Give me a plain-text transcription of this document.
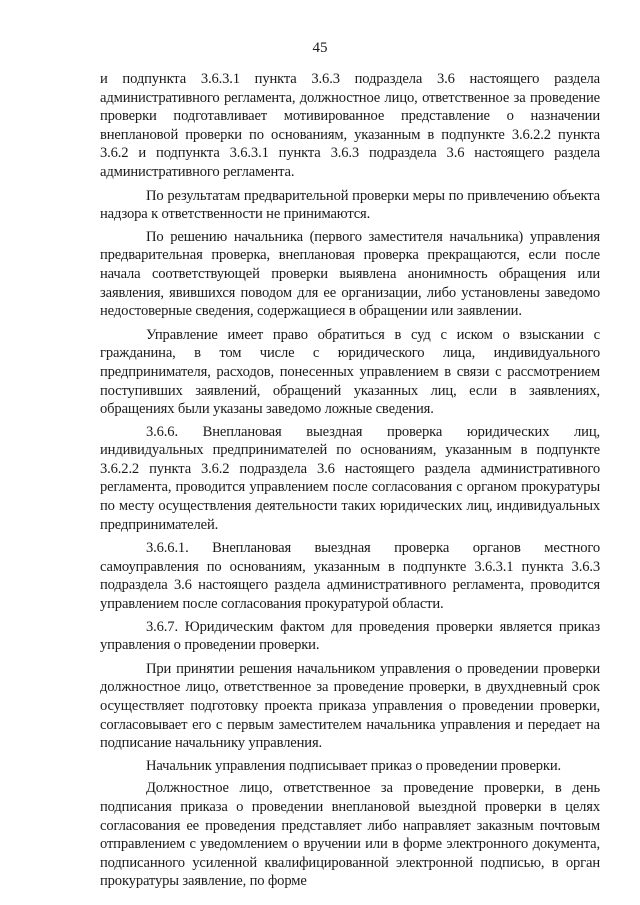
45

и подпункта 3.6.3.1 пункта 3.6.3 подраздела 3.6 настоящего раздела административного регламента, должностное лицо, ответственное за проведение проверки подготавливает мотивированное представление о назначении внеплановой проверки по основаниям, указанным в подпункте 3.6.2.2 пункта 3.6.2 и подпункта 3.6.3.1 пункта 3.6.3 подраздела 3.6 настоящего раздела административного регламента.

По результатам предварительной проверки меры по привлечению объекта надзора к ответственности не принимаются.

По решению начальника (первого заместителя начальника) управления предварительная проверка, внеплановая проверка прекращаются, если после начала соответствующей проверки выявлена анонимность обращения или заявления, явившихся поводом для ее организации, либо установлены заведомо недостоверные сведения, содержащиеся в обращении или заявлении.

Управление имеет право обратиться в суд с иском о взыскании с гражданина, в том числе с юридического лица, индивидуального предпринимателя, расходов, понесенных управлением в связи с рассмотрением поступивших заявлений, обращений указанных лиц, если в заявлениях, обращениях были указаны заведомо ложные сведения.

3.6.6. Внеплановая выездная проверка юридических лиц, индивидуальных предпринимателей по основаниям, указанным в подпункте 3.6.2.2 пункта 3.6.2 подраздела 3.6 настоящего раздела административного регламента, проводится управлением после согласования с органом прокуратуры по месту осуществления деятельности таких юридических лиц, индивидуальных предпринимателей.

3.6.6.1. Внеплановая выездная проверка органов местного самоуправления по основаниям, указанным в подпункте 3.6.3.1 пункта 3.6.3 подраздела 3.6 настоящего раздела административного регламента, проводится управлением после согласования прокуратурой области.

3.6.7. Юридическим фактом для проведения проверки является приказ управления о проведении проверки.

При принятии решения начальником управления о проведении проверки должностное лицо, ответственное за проведение проверки, в двухдневный срок осуществляет подготовку проекта приказа управления о проведении проверки, согласовывает его с первым заместителем начальника управления и передает на подписание начальнику управления.

Начальник управления подписывает приказ о проведении проверки.

Должностное лицо, ответственное за проведение проверки, в день подписания приказа о проведении внеплановой выездной проверки в целях согласования ее проведения представляет либо направляет заказным почтовым отправлением с уведомлением о вручении или в форме электронного документа, подписанного усиленной квалифицированной электронной подписью, в орган прокуратуры заявление, по форме
